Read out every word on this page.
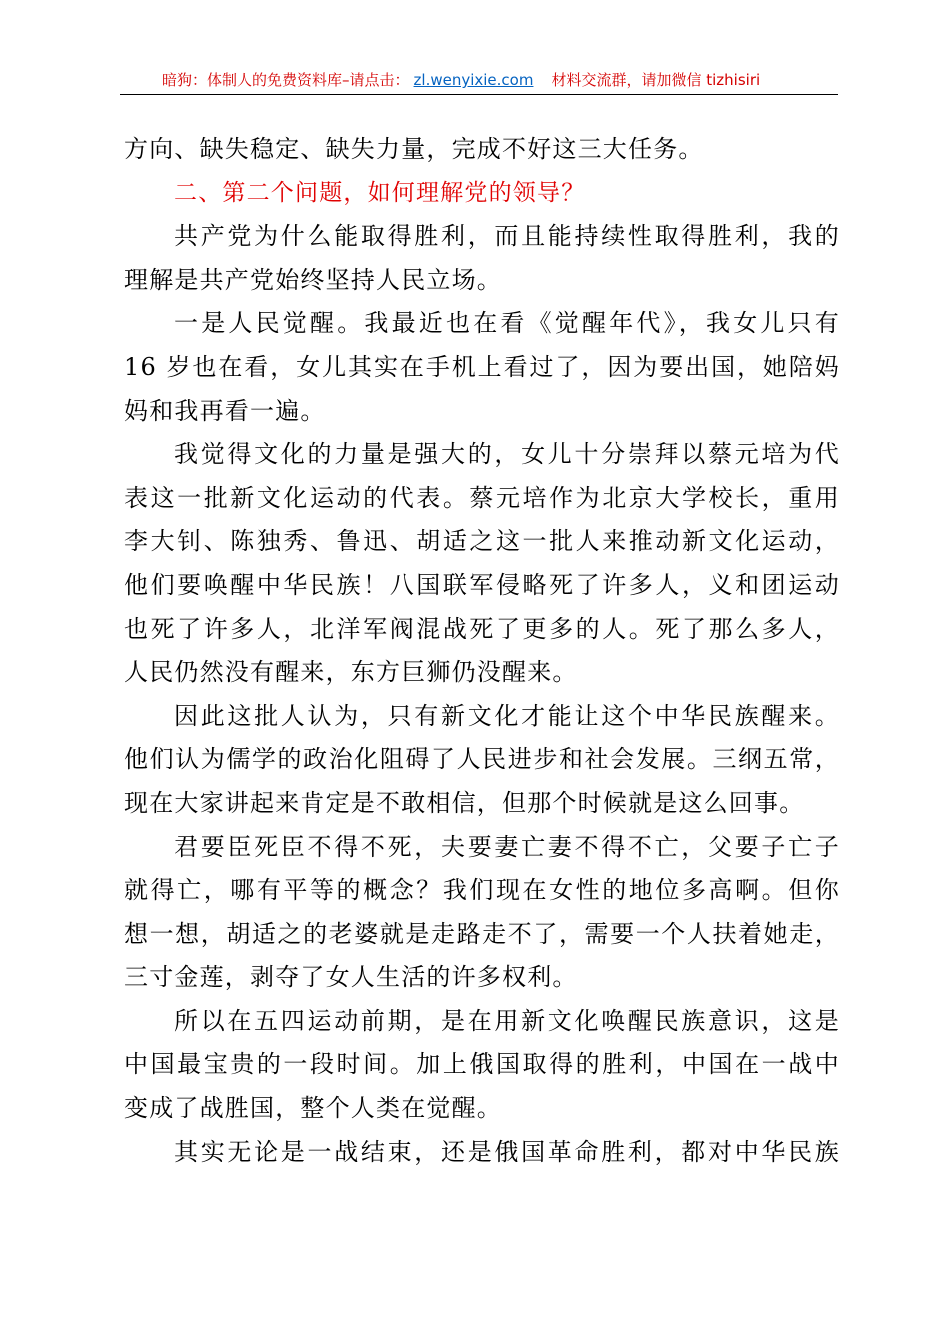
暗狗：体制人的免费资料库–请点击： zl.wenyixie.com 材料交流群，请加微信 tizhisiri

方向、缺失稳定、缺失力量，完成不好这三大任务。

二、第二个问题，如何理解党的领导？

共产党为什么能取得胜利，而且能持续性取得胜利，我的
理解是共产党始终坚持人民立场。

一是人民觉醒。我最近也在看《觉醒年代》，我女儿只有
16 岁也在看，女儿其实在手机上看过了，因为要出国，她陪妈
妈和我再看一遍。

我觉得文化的力量是强大的，女儿十分崇拜以蔡元培为代
表这一批新文化运动的代表。蔡元培作为北京大学校长，重用
李大钊、陈独秀、鲁迅、胡适之这一批人来推动新文化运动，
他们要唤醒中华民族！八国联军侵略死了许多人，义和团运动
也死了许多人，北洋军阀混战死了更多的人。死了那么多人，
人民仍然没有醒来，东方巨狮仍没醒来。

因此这批人认为，只有新文化才能让这个中华民族醒来。
他们认为儒学的政治化阻碍了人民进步和社会发展。三纲五常，
现在大家讲起来肯定是不敢相信，但那个时候就是这么回事。

君要臣死臣不得不死，夫要妻亡妻不得不亡，父要子亡子
就得亡，哪有平等的概念？我们现在女性的地位多高啊。但你
想一想，胡适之的老婆就是走路走不了，需要一个人扶着她走，
三寸金莲，剥夺了女人生活的许多权利。

所以在五四运动前期，是在用新文化唤醒民族意识，这是
中国最宝贵的一段时间。加上俄国取得的胜利，中国在一战中
变成了战胜国，整个人类在觉醒。

其实无论是一战结束，还是俄国革命胜利，都对中华民族
